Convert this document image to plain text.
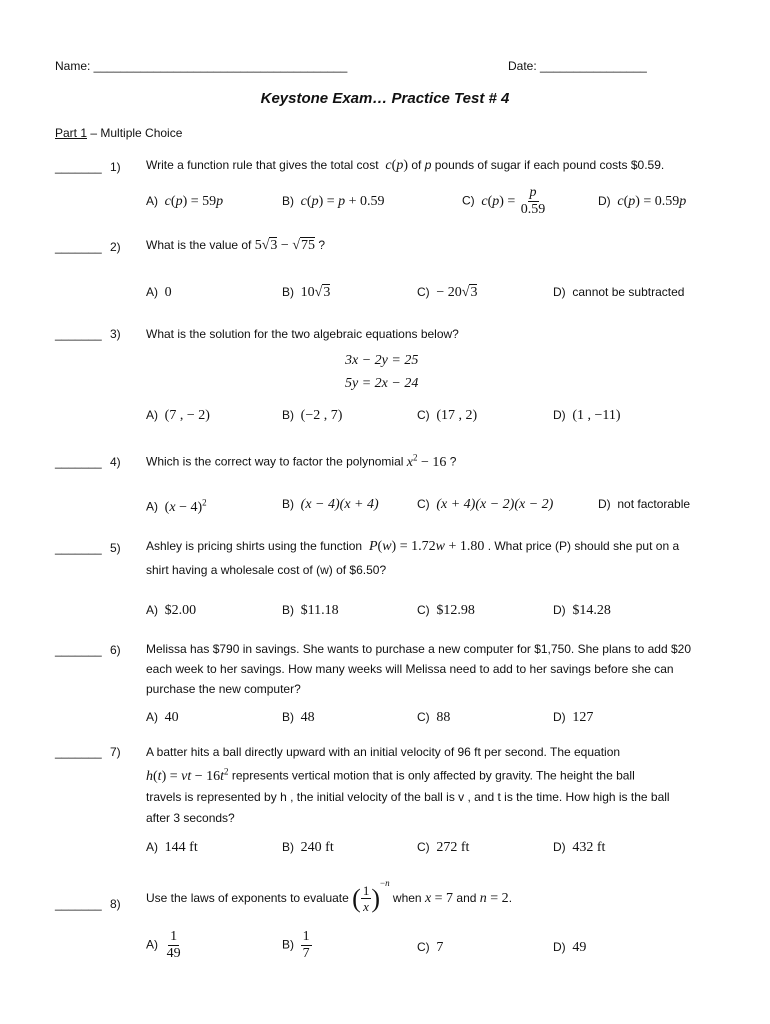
Name: ______________________________________	Date: ________________
Keystone Exam… Practice Test # 4
Part 1 – Multiple Choice
_______ 1) Write a function rule that gives the total cost  c(p) of p pounds of sugar if each pound costs $0.59.
A) c(p) = 59p	B) c(p) = p + 0.59	C) $c(p) = \frac{p}{0.59}$	D) c(p) = 0.59p
_______ 2) What is the value of 5√3 − √75 ?
A) 0	B) 10√3	C) − 20√3	D) cannot be subtracted
_______ 3) What is the solution for the two algebraic equations below?
3x − 2y = 25
5y = 2x − 24
A) (7 , − 2)	B) (−2 , 7)	C) (17 , 2)	D) (1 , −11)
_______ 4) Which is the correct way to factor the polynomial $x^2 - 16$ ?
A) $(x - 4)^2$	B) (x − 4)(x + 4)	C) (x + 4)(x − 2)(x − 2)	D) not factorable
_______ 5) Ashley is pricing shirts using the function P(w) = 1.72w + 1.80 . What price (P) should she put on a
shirt having a wholesale cost of (w) of $6.50?
A) $2.00	B) $11.18	C) $12.98	D) $14.28
_______ 6) Melissa has $790 in savings. She wants to purchase a new computer for $1,750. She plans to add $20 each week to her savings. How many weeks will Melissa need to add to her savings before she can purchase the new computer?
A) 40	B) 48	C) 88	D) 127
_______ 7) A batter hits a ball directly upward with an initial velocity of 96 ft per second. The equation
h(t) = vt − $16t^2$ represents vertical motion that is only affected by gravity. The height the ball
travels is represented by h , the initial velocity of the ball is v , and t is the time. How high is the ball
after 3 seconds?
A) 144 ft	B) 240 ft	C) 272 ft	D) 432 ft
_______ 8) Use the laws of exponents to evaluate ( $\frac{1}{x} )^{-n}$ when x = 7 and n = 2.
$A) \frac{1}{49}$	$B) \frac{1}{7}$	C) 7	D) 49
